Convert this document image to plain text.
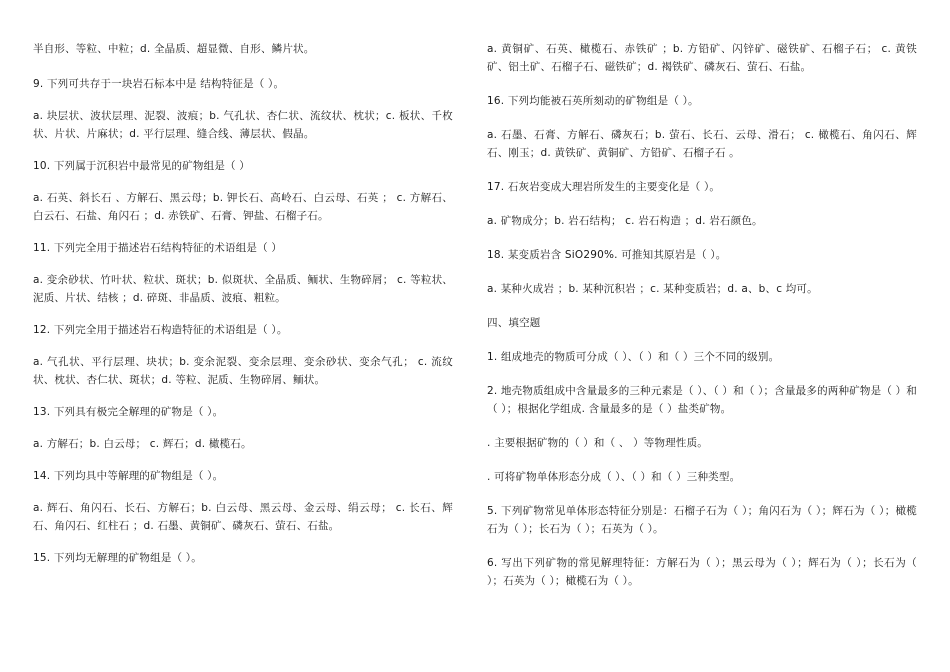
半自形、等粒、中粒；d. 全晶质、超显微、自形、鳞片状。

9. 下列可共存于一块岩石标本中是 结构特征是（ ）。

a. 块层状、波状层理、泥裂、波痕；b. 气孔状、杏仁状、流纹状、枕状；c. 板状、千枚状、片状、片麻状；d. 平行层理、缝合线、薄层状、假晶。

10. 下列属于沉积岩中最常见的矿物组是（ ）

a. 石英、斜长石 、方解石、黑云母；b. 钾长石、高岭石、白云母、石英 ； c. 方解石、白云石、石盐、角闪石 ；d. 赤铁矿、石膏、钾盐、石榴子石。

11. 下列完全用于描述岩石结构特征的术语组是（ ）

a. 变余砂状、竹叶状、粒状、斑状；b. 似斑状、全晶质、鲕状、生物碎屑； c. 等粒状、泥质、片状、结核 ；d. 碎斑、非晶质、波痕、粗粒。

12. 下列完全用于描述岩石构造特征的术语组是（ ）。

a. 气孔状、平行层理、块状；b. 变余泥裂、变余层理、变余砂状、变余气孔； c. 流纹状、枕状、杏仁状、斑状；d. 等粒、泥质、生物碎屑、鲕状。

13. 下列具有极完全解理的矿物是（ ）。

a. 方解石；b. 白云母； c. 辉石；d. 橄榄石。

14. 下列均具中等解理的矿物组是（ ）。

a. 辉石、角闪石、长石、方解石；b. 白云母、黑云母、金云母、绢云母； c. 长石、辉石、角闪石、红柱石 ；d. 石墨、黄铜矿、磷灰石、萤石、石盐。

15. 下列均无解理的矿物组是（ ）。

a. 黄铜矿、石英、橄榄石、赤铁矿 ；b. 方铅矿、闪锌矿、磁铁矿、石榴子石； c. 黄铁矿、铝土矿、石榴子石、磁铁矿；d. 褐铁矿、磷灰石、萤石、石盐。

16. 下列均能被石英所刻动的矿物组是（ ）。

a. 石墨、石膏、方解石、磷灰石；b. 萤石、长石、云母、滑石； c. 橄榄石、角闪石、辉石、刚玉；d. 黄铁矿、黄铜矿、方铅矿、石榴子石 。

17. 石灰岩变成大理岩所发生的主要变化是（ ）。

a. 矿物成分；b. 岩石结构； c. 岩石构造 ；d. 岩石颜色。

18. 某变质岩含 SiO290%. 可推知其原岩是（ ）。

a. 某种火成岩 ；b. 某种沉积岩 ；c. 某种变质岩；d. a、b、c 均可。

四、填空题

1. 组成地壳的物质可分成（ ）、（ ）和（ ）三个不同的级别。

2. 地壳物质组成中含量最多的三种元素是（ ）、（ ）和（ ）；含量最多的两种矿物是（ ）和（ ）；根据化学组成. 含量最多的是（ ）盐类矿物。

. 主要根据矿物的（ ）和（ 、 ）等物理性质。

. 可将矿物单体形态分成（ ）、（ ）和（ ）三种类型。

5. 下列矿物常见单体形态特征分别是：石榴子石为（ ）；角闪石为（ ）；辉石为（ ）；橄榄石为（ ）；长石为（ ）；石英为（ ）。

6. 写出下列矿物的常见解理特征：方解石为（ ）；黑云母为（ ）；辉石为（ ）；长石为（ ）；石英为（ ）；橄榄石为（ ）。
